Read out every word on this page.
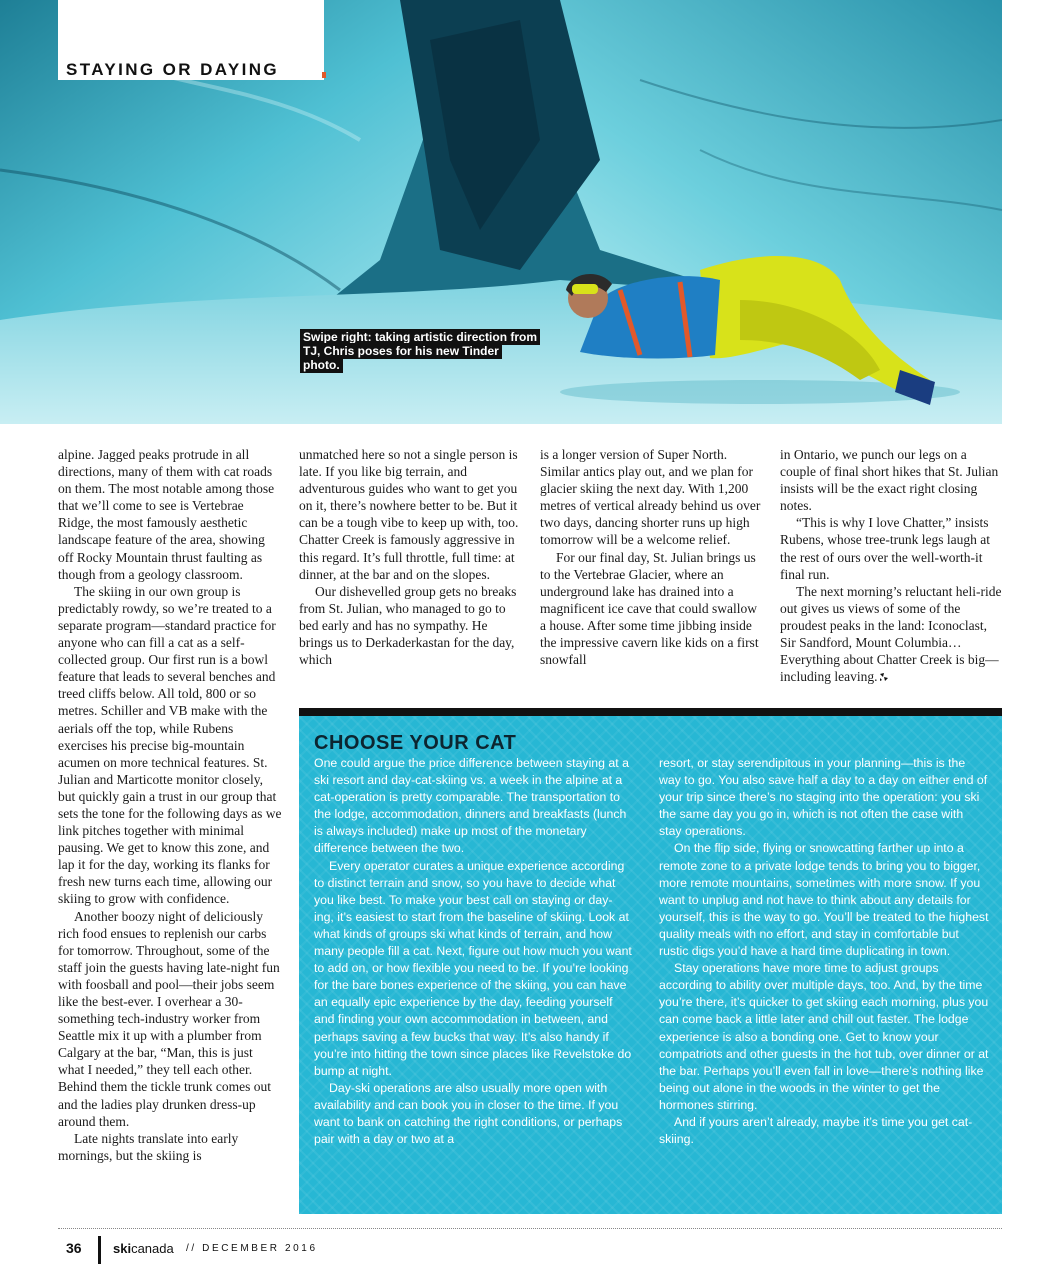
STAYING OR DAYING
Swipe right: taking artistic direction from TJ, Chris poses for his new Tinder photo.

alpine. Jagged peaks protrude in all directions, many of them with cat roads on them. The most notable among those that we’ll come to see is Vertebrae Ridge, the most famously aesthetic landscape feature of the area, showing off Rocky Mountain thrust faulting as though from a geology classroom.

The skiing in our own group is predictably rowdy, so we’re treated to a separate program—standard practice for anyone who can fill a cat as a self-collected group. Our first run is a bowl feature that leads to several benches and treed cliffs below. All told, 800 or so metres. Schiller and VB make with the aerials off the top, while Rubens exercises his precise big-mountain acumen on more technical features. St. Julian and Marticotte monitor closely, but quickly gain a trust in our group that sets the tone for the following days as we link pitches together with minimal pausing. We get to know this zone, and lap it for the day, working its flanks for fresh new turns each time, allowing our skiing to grow with confidence.

Another boozy night of deliciously rich food ensues to replenish our carbs for tomorrow. Throughout, some of the staff join the guests having late-night fun with foosball and pool—their jobs seem like the best-ever. I overhear a 30-something tech-industry worker from Seattle mix it up with a plumber from Calgary at the bar, “Man, this is just what I needed,” they tell each other. Behind them the tickle trunk comes out and the ladies play drunken dress-up around them.

Late nights translate into early mornings, but the skiing is

unmatched here so not a single person is late. If you like big terrain, and adventurous guides who want to get you on it, there’s nowhere better to be. But it can be a tough vibe to keep up with, too. Chatter Creek is famously aggressive in this regard. It’s full throttle, full time: at dinner, at the bar and on the slopes.

Our dishevelled group gets no breaks from St. Julian, who managed to go to bed early and has no sympathy. He brings us to Derkaderkastan for the day, which

is a longer version of Super North. Similar antics play out, and we plan for glacier skiing the next day. With 1,200 metres of vertical already behind us over two days, dancing shorter runs up high tomorrow will be a welcome relief.

For our final day, St. Julian brings us to the Vertebrae Glacier, where an underground lake has drained into a magnificent ice cave that could swallow a house. After some time jibbing inside the impressive cavern like kids on a first snowfall

in Ontario, we punch our legs on a couple of final short hikes that St. Julian insists will be the exact right closing notes.

“This is why I love Chatter,” insists Rubens, whose tree-trunk legs laugh at the rest of ours over the well-worth-it final run.

The next morning’s reluctant heli-ride out gives us views of some of the proudest peaks in the land: Iconoclast, Sir Sandford, Mount Columbia… Everything about Chatter Creek is big—including leaving.

CHOOSE YOUR CAT

One could argue the price difference between staying at a ski resort and day-cat-skiing vs. a week in the alpine at a cat-operation is pretty comparable. The transportation to the lodge, accommodation, dinners and breakfasts (lunch is always included) make up most of the monetary difference between the two.

Every operator curates a unique experience according to distinct terrain and snow, so you have to decide what you like best. To make your best call on staying or day-ing, it’s easiest to start from the baseline of skiing. Look at what kinds of groups ski what kinds of terrain, and how many people fill a cat. Next, figure out how much you want to add on, or how flexible you need to be. If you’re looking for the bare bones experience of the skiing, you can have an equally epic experience by the day, feeding yourself and finding your own accommodation in between, and perhaps saving a few bucks that way. It’s also handy if you’re into hitting the town since places like Revelstoke do bump at night.

Day-ski operations are also usually more open with availability and can book you in closer to the time. If you want to bank on catching the right conditions, or perhaps pair with a day or two at a

resort, or stay serendipitous in your planning—this is the way to go. You also save half a day to a day on either end of your trip since there’s no staging into the operation: you ski the same day you go in, which is not often the case with stay operations.

On the flip side, flying or snowcatting farther up into a remote zone to a private lodge tends to bring you to bigger, more remote mountains, sometimes with more snow. If you want to unplug and not have to think about any details for yourself, this is the way to go. You’ll be treated to the highest quality meals with no effort, and stay in comfortable but rustic digs you’d have a hard time duplicating in town.

Stay operations have more time to adjust groups according to ability over multiple days, too. And, by the time you’re there, it’s quicker to get skiing each morning, plus you can come back a little later and chill out faster. The lodge experience is also a bonding one. Get to know your compatriots and other guests in the hot tub, over dinner or at the bar. Perhaps you’ll even fall in love—there’s nothing like being out alone in the woods in the winter to get the hormones stirring.

And if yours aren’t already, maybe it’s time you get cat-skiing.

36 skicanada // DECEMBER 2016
